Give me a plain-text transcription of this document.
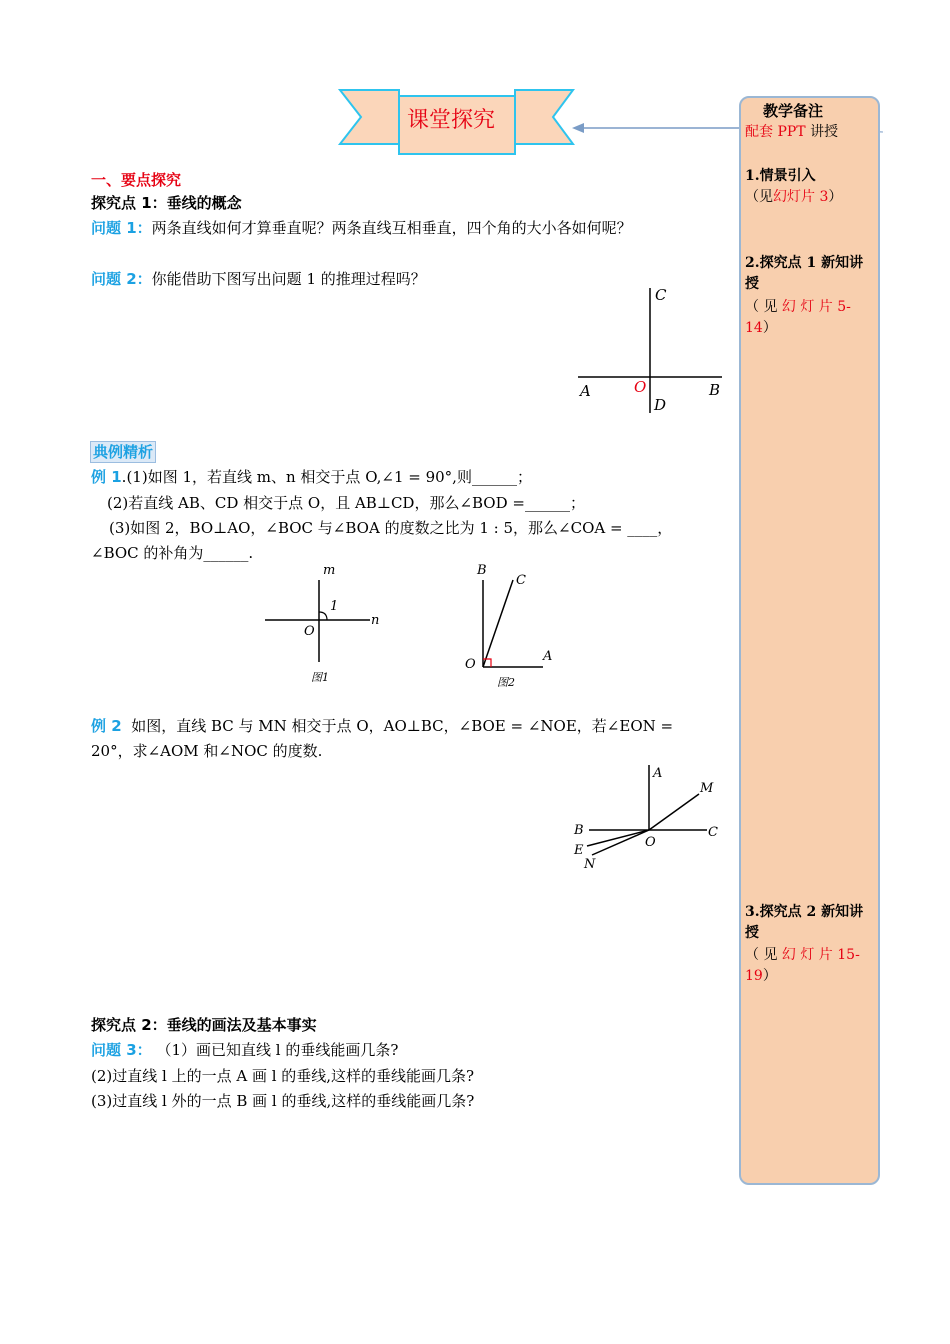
课堂探究	教学备注
配套 PPT 讲授
1.情景引入
（见幻灯片 3）
2.探究点 1 新知讲
授
（ 见 幻 灯 片 5-
14）
3.探究点 2 新知讲
授
（ 见 幻 灯 片 15-
19）
一、要点探究
探究点 1：垂线的概念
问题 1：两条直线如何才算垂直呢？两条直线互相垂直，四个角的大小各如何呢？
问题 2：你能借助下图写出问题 1 的推理过程吗？
C
A	O	B
D
典例精析
例 1.(1)如图 1，若直线 m、n 相交于点 O,∠1 = 90°,则______；
(2)若直线 AB、CD 相交于点 O，且 AB⊥CD，那么∠BOD =______；
(3)如图 2，BO⊥AO，∠BOC 与∠BOA 的度数之比为 1 : 5，那么∠COA = ____，
∠BOC 的补角为______.
m
n
1
O
图1
B
C
O
A
图2
例 2 如图，直线 BC 与 MN 相交于点 O，AO⊥BC，∠BOE = ∠NOE，若∠EON =
20°，求∠AOM 和∠NOC 的度数.
A
M
B	C
E
O
N
探究点 2：垂线的画法及基本事实
问题 3： （1）画已知直线 l 的垂线能画几条?
(2)过直线 l 上的一点 A 画 l 的垂线,这样的垂线能画几条?
(3)过直线 l 外的一点 B 画 l 的垂线,这样的垂线能画几条?
